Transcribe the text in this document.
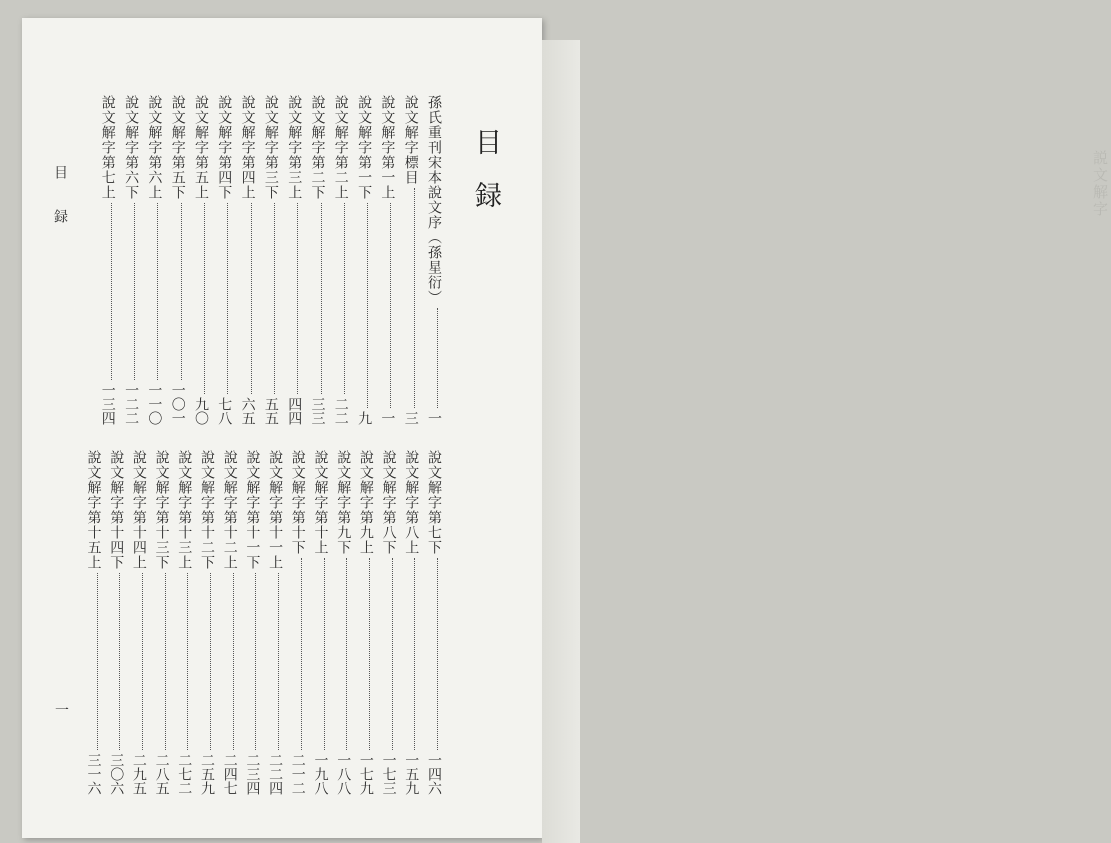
説文解字
目録
孫氏重刊宋本說文序（孫星衍）
一
說文解字標目
三
說文解字第一上
一
說文解字第一下
九
說文解字第二上
二二
說文解字第二下
三三
說文解字第三上
四四
說文解字第三下
五五
說文解字第四上
六五
說文解字第四下
七八
說文解字第五上
九〇
說文解字第五下
一〇一
說文解字第六上
一一〇
說文解字第六下
一二二
說文解字第七上
一三四
說文解字第七下
一四六
說文解字第八上
一五九
說文解字第八下
一七三
說文解字第九上
一七九
說文解字第九下
一八八
說文解字第十上
一九八
說文解字第十下
二一二
說文解字第十一上
二二四
說文解字第十一下
二三四
說文解字第十二上
二四七
說文解字第十二下
二五九
說文解字第十三上
二七二
說文解字第十三下
二八五
說文解字第十四上
二九五
說文解字第十四下
三〇六
說文解字第十五上
三一六
目録
一
